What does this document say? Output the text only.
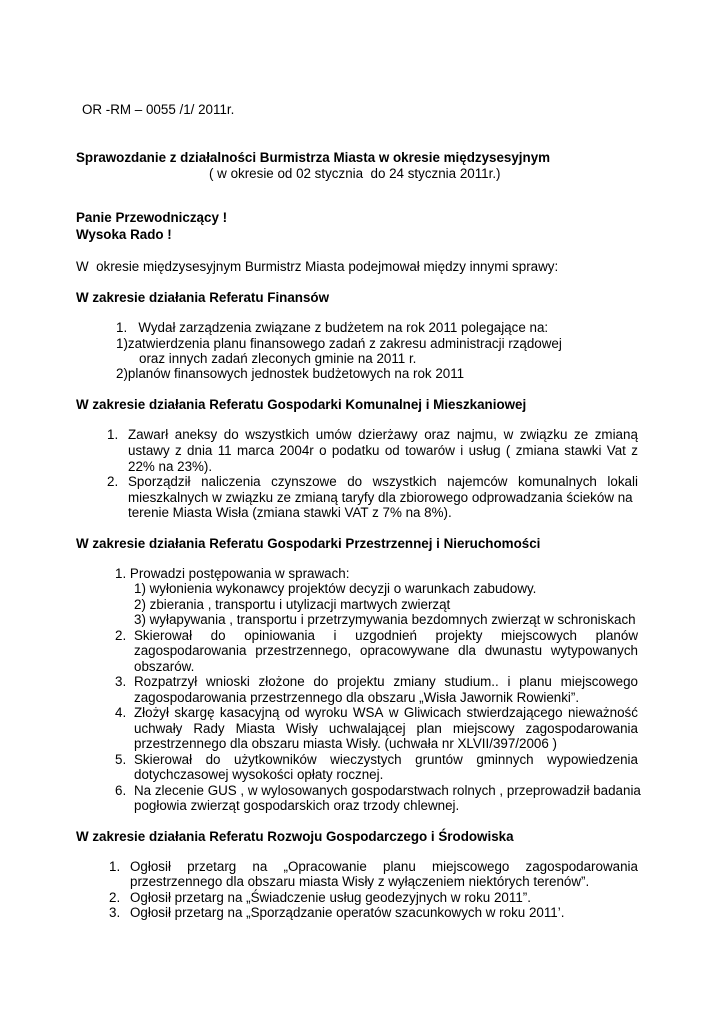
OR -RM – 0055 /1/ 2011r.
Sprawozdanie z działalności Burmistrza Miasta w okresie międzysesyjnym
( w okresie od 02 stycznia  do 24 stycznia 2011r.)
Panie Przewodniczący !
Wysoka Rado !
W  okresie międzysesyjnym Burmistrz Miasta podejmował między innymi sprawy:
W zakresie działania Referatu Finansów
1.   Wydał zarządzenia związane z budżetem na rok 2011 polegające na:
1)zatwierdzenia planu finansowego zadań z zakresu administracji rządowej
oraz innych zadań zleconych gminie na 2011 r.
2)planów finansowych jednostek budżetowych na rok 2011
W zakresie działania Referatu Gospodarki Komunalnej i Mieszkaniowej
1. Zawarł aneksy do wszystkich umów dzierżawy oraz najmu, w związku ze zmianą
ustawy z dnia 11 marca 2004r o podatku od towarów i usług ( zmiana stawki Vat z
22% na 23%).
2. Sporządził naliczenia czynszowe do wszystkich najemców komunalnych lokali
mieszkalnych w związku ze zmianą taryfy dla zbiorowego odprowadzania ścieków na
terenie Miasta Wisła (zmiana stawki VAT z 7% na 8%).
W zakresie działania Referatu Gospodarki Przestrzennej i Nieruchomości
1. Prowadzi postępowania w sprawach:
1) wyłonienia wykonawcy projektów decyzji o warunkach zabudowy.
2) zbierania , transportu i utylizacji martwych zwierząt
3) wyłapywania , transportu i przetrzymywania bezdomnych zwierząt w schroniskach
2. Skierował do opiniowania i uzgodnień projekty miejscowych planów
zagospodarowania przestrzennego, opracowywane dla dwunastu wytypowanych
obszarów.
3. Rozpatrzył wnioski złożone do projektu zmiany studium.. i planu miejscowego
zagospodarowania przestrzennego dla obszaru „Wisła Jawornik Rowienki”.
4. Złożył skargę kasacyjną od wyroku WSA w Gliwicach stwierdzającego nieważność
uchwały Rady Miasta Wisły uchwalającej plan miejscowy zagospodarowania
przestrzennego dla obszaru miasta Wisły. (uchwała nr XLVII/397/2006 )
5. Skierował do użytkowników wieczystych gruntów gminnych wypowiedzenia
dotychczasowej wysokości opłaty rocznej.
6. Na zlecenie GUS , w wylosowanych gospodarstwach rolnych , przeprowadził badania
pogłowia zwierząt gospodarskich oraz trzody chlewnej.
W zakresie działania Referatu Rozwoju Gospodarczego i Środowiska
1. Ogłosił przetarg na „Opracowanie planu miejscowego zagospodarowania
przestrzennego dla obszaru miasta Wisły z wyłączeniem niektórych terenów”.
2. Ogłosił przetarg na „Świadczenie usług geodezyjnych w roku 2011”.
3. Ogłosił przetarg na „Sporządzanie operatów szacunkowych w roku 2011’.
